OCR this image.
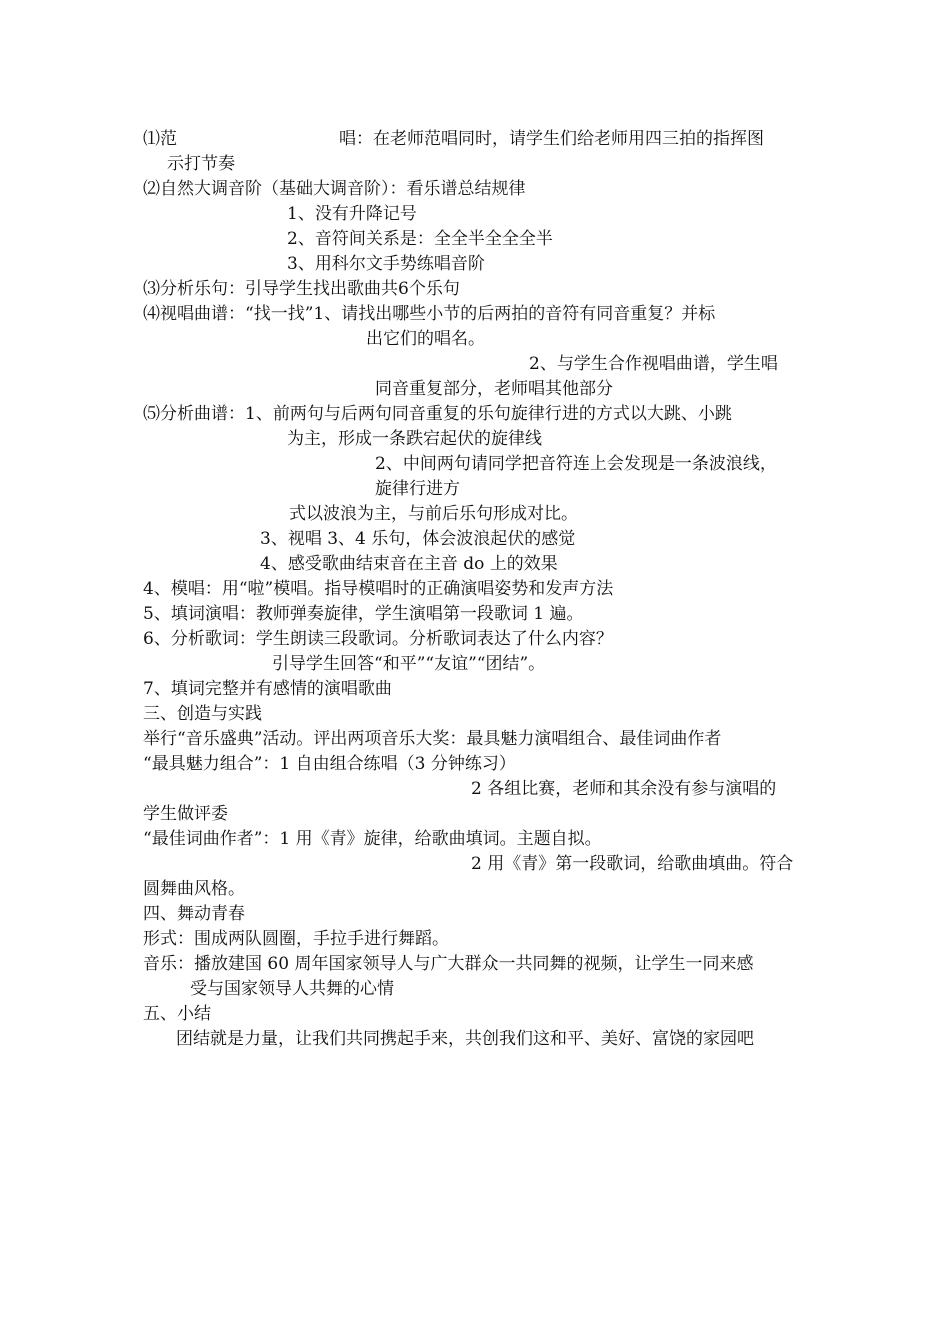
⑴范	唱：在老师范唱同时，请学生们给老师用四三拍的指挥图
示打节奏
⑵自然大调音阶（基础大调音阶）：看乐谱总结规律
1、没有升降记号
2、音符间关系是：全全半全全全半
3、用科尔文手势练唱音阶
⑶分析乐句：引导学生找出歌曲共6个乐句
⑷视唱曲谱：“找一找”1、请找出哪些小节的后两拍的音符有同音重复？并标
出它们的唱名。
2、与学生合作视唱曲谱，学生唱
同音重复部分，老师唱其他部分
⑸分析曲谱：1、前两句与后两句同音重复的乐句旋律行进的方式以大跳、小跳
为主，形成一条跌宕起伏的旋律线
2、中间两句请同学把音符连上会发现是一条波浪线，
旋律行进方
式以波浪为主，与前后乐句形成对比。
3、视唱 3、4 乐句，体会波浪起伏的感觉
4、感受歌曲结束音在主音 do 上的效果
4、模唱：用“啦”模唱。指导模唱时的正确演唱姿势和发声方法
5、填词演唱：教师弹奏旋律，学生演唱第一段歌词 1 遍。
6、分析歌词：学生朗读三段歌词。分析歌词表达了什么内容？
引导学生回答“和平”“友谊”“团结”。
7、填词完整并有感情的演唱歌曲
三、创造与实践
举行“音乐盛典”活动。评出两项音乐大奖：最具魅力演唱组合、最佳词曲作者
“最具魅力组合”：1 自由组合练唱（3 分钟练习）
2 各组比赛，老师和其余没有参与演唱的
学生做评委
“最佳词曲作者”：1 用《青》旋律，给歌曲填词。主题自拟。
2 用《青》第一段歌词，给歌曲填曲。符合
圆舞曲风格。
四、舞动青春
形式：围成两队圆圈，手拉手进行舞蹈。
音乐：播放建国 60 周年国家领导人与广大群众一共同舞的视频，让学生一同来感
受与国家领导人共舞的心情
五、小结
团结就是力量，让我们共同携起手来，共创我们这和平、美好、富饶的家园吧
